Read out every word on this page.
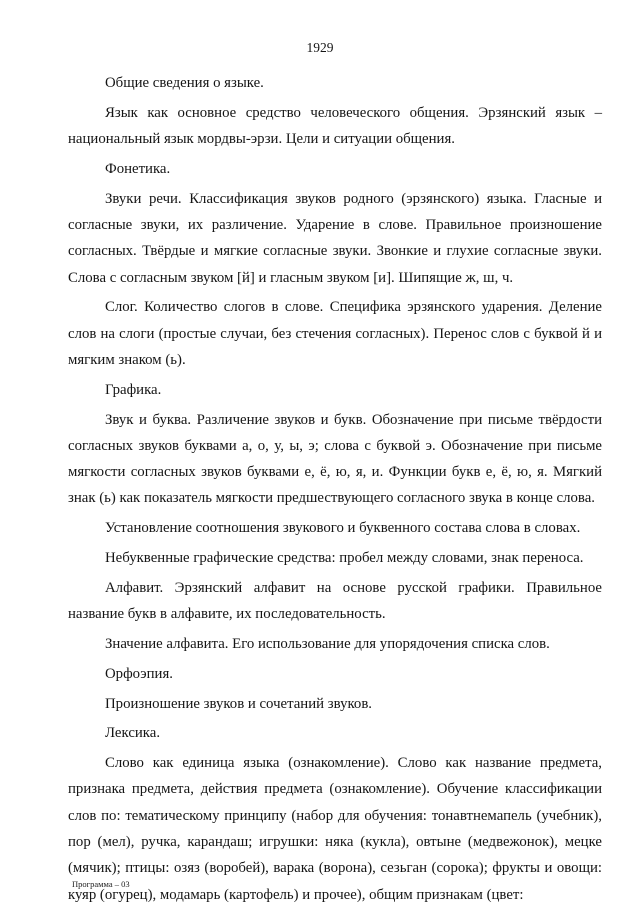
1929

Общие сведения о языке.

Язык как основное средство человеческого общения. Эрзянский язык – национальный язык мордвы-эрзи. Цели и ситуации общения.

Фонетика.

Звуки речи. Классификация звуков родного (эрзянского) языка. Гласные и согласные звуки, их различение. Ударение в слове. Правильное произношение согласных. Твёрдые и мягкие согласные звуки. Звонкие и глухие согласные звуки. Слова с согласным звуком [й] и гласным звуком [и]. Шипящие ж, ш, ч.

Слог. Количество слогов в слове. Специфика эрзянского ударения. Деление слов на слоги (простые случаи, без стечения согласных). Перенос слов с буквой й и мягким знаком (ь).

Графика.

Звук и буква. Различение звуков и букв. Обозначение при письме твёрдости согласных звуков буквами а, о, у, ы, э; слова с буквой э. Обозначение при письме мягкости согласных звуков буквами е, ё, ю, я, и. Функции букв е, ё, ю, я. Мягкий знак (ь) как показатель мягкости предшествующего согласного звука в конце слова.

Установление соотношения звукового и буквенного состава слова в словах.

Небуквенные графические средства: пробел между словами, знак переноса.

Алфавит. Эрзянский алфавит на основе русской графики. Правильное название букв в алфавите, их последовательность.

Значение алфавита. Его использование для упорядочения списка слов.

Орфоэпия.

Произношение звуков и сочетаний звуков.

Лексика.

Слово как единица языка (ознакомление). Слово как название предмета, признака предмета, действия предмета (ознакомление). Обучение классификации слов по: тематическому принципу (набор для обучения: тонавтнемапель (учебник), пор (мел), ручка, карандаш; игрушки: няка (кукла), овтыне (медвежонок), мецке (мячик); птицы: озяз (воробей), варака (ворона), сезьган (сорока); фрукты и овощи: куяр (огурец), модамарь (картофель) и прочее), общим признакам (цвет:

Программа – 03
